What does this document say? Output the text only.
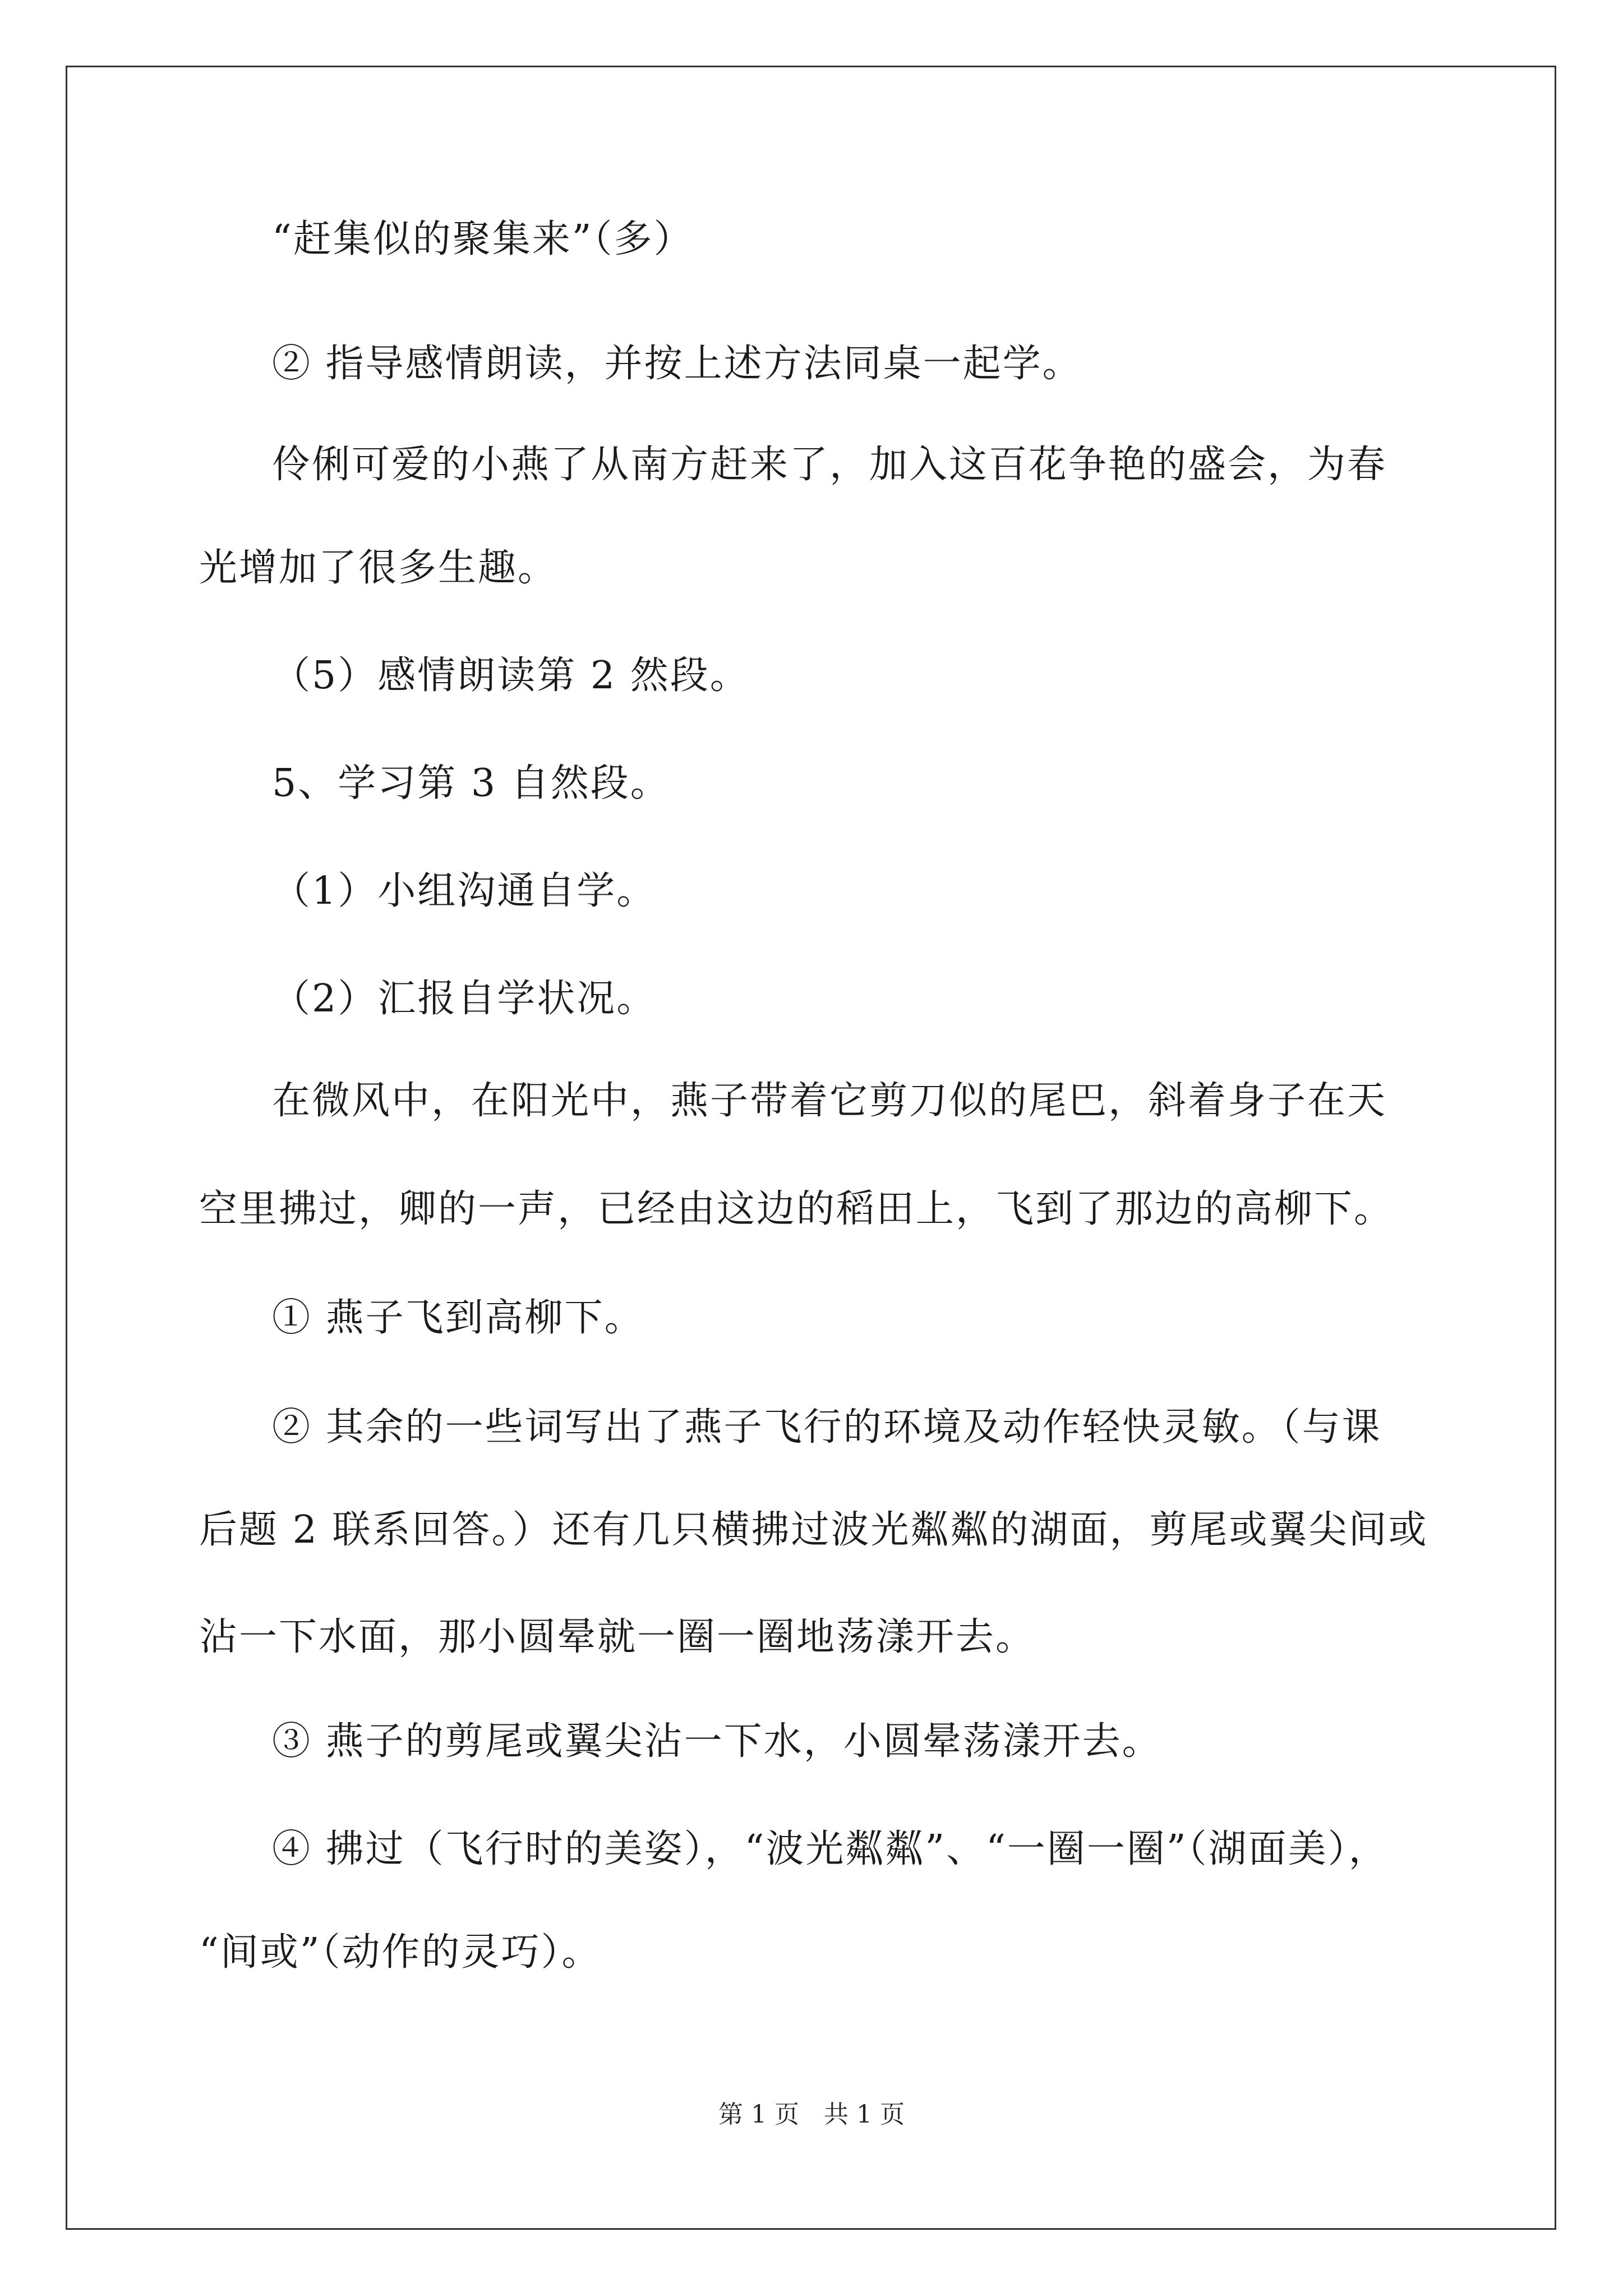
“赶集似的聚集来”（多）

② 指导感情朗读，并按上述方法同桌一起学。

伶俐可爱的小燕了从南方赶来了，加入这百花争艳的盛会，为春

光增加了很多生趣。

（5）感情朗读第 2 然段。

5、学习第 3 自然段。

（1）小组沟通自学。

（2）汇报自学状况。

在微风中，在阳光中，燕子带着它剪刀似的尾巴，斜着身子在天

空里拂过，卿的一声，已经由这边的稻田上，飞到了那边的高柳下。

① 燕子飞到高柳下。

② 其余的一些词写出了燕子飞行的环境及动作轻快灵敏。（与课

后题 2 联系回答。）还有几只横拂过波光粼粼的湖面，剪尾或翼尖间或

沾一下水面，那小圆晕就一圈一圈地荡漾开去。

③ 燕子的剪尾或翼尖沾一下水，小圆晕荡漾开去。

④ 拂过（飞行时的美姿），“波光粼粼”、“一圈一圈”（湖面美），

“间或”（动作的灵巧）。

第 1 页　共 1 页
